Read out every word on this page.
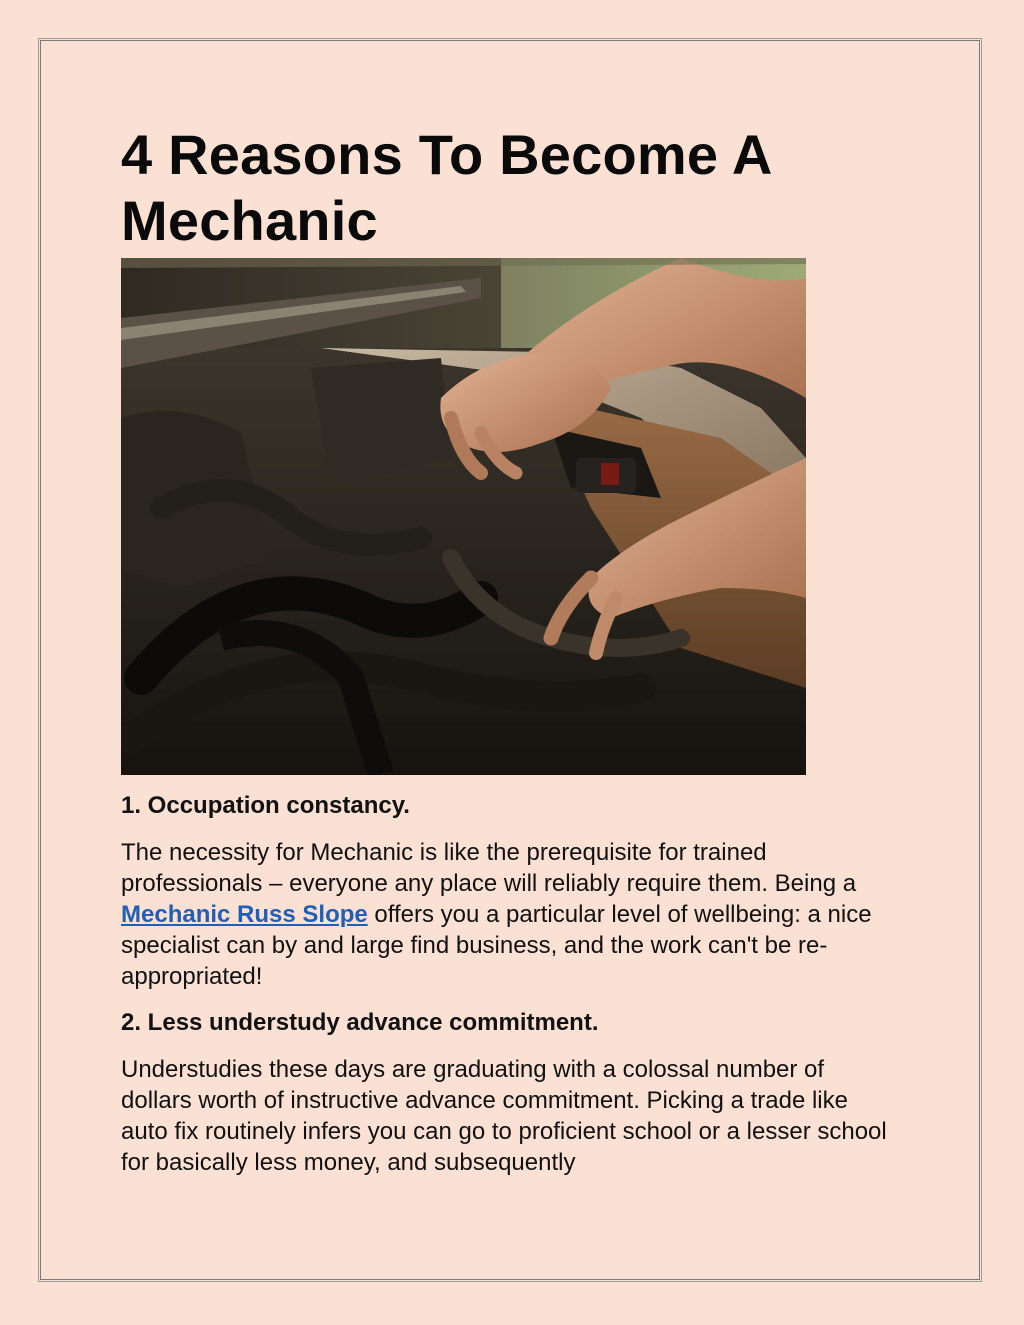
4 Reasons To Become A Mechanic
1. Occupation constancy.

The necessity for Mechanic is like the prerequisite for trained professionals – everyone any place will reliably require them. Being a Mechanic Russ Slope offers you a particular level of wellbeing: a nice specialist can by and large find business, and the work can't be re-appropriated!

2. Less understudy advance commitment.

Understudies these days are graduating with a colossal number of dollars worth of instructive advance commitment. Picking a trade like auto fix routinely infers you can go to proficient school or a lesser school for basically less money, and subsequently
